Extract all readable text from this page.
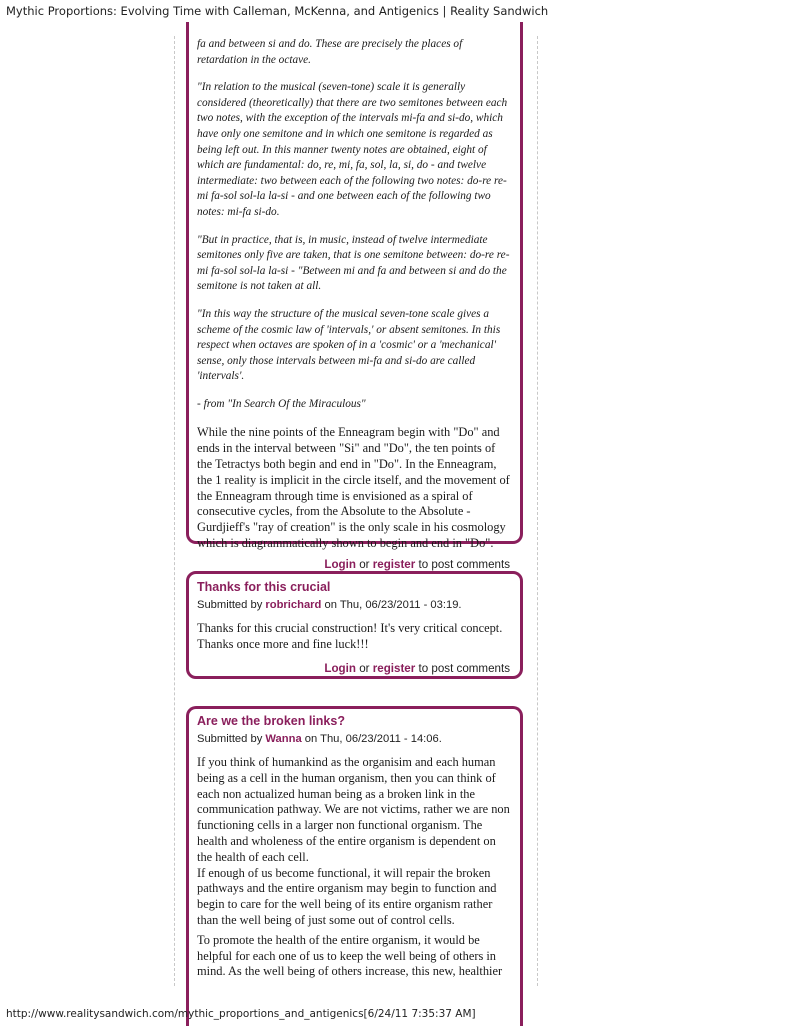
Mythic Proportions: Evolving Time with Calleman, McKenna, and Antigenics | Reality Sandwich

fa and between si and do. These are precisely the places of retardation in the octave.

"In relation to the musical (seven-tone) scale it is generally considered (theoretically) that there are two semitones between each two notes, with the exception of the intervals mi-fa and si-do, which have only one semitone and in which one semitone is regarded as being left out. In this manner twenty notes are obtained, eight of which are fundamental: do, re, mi, fa, sol, la, si, do - and twelve intermediate: two between each of the following two notes: do-re re-mi fa-sol sol-la la-si - and one between each of the following two notes: mi-fa si-do.

"But in practice, that is, in music, instead of twelve intermediate semitones only five are taken, that is one semitone between: do-re re-mi fa-sol sol-la la-si - "Between mi and fa and between si and do the semitone is not taken at all.

"In this way the structure of the musical seven-tone scale gives a scheme of the cosmic law of 'intervals,' or absent semitones. In this respect when octaves are spoken of in a 'cosmic' or a 'mechanical' sense, only those intervals between mi-fa and si-do are called 'intervals'.

- from "In Search Of the Miraculous"

While the nine points of the Enneagram begin with "Do" and ends in the interval between "Si" and "Do", the ten points of the Tetractys both begin and end in "Do". In the Enneagram, the 1 reality is implicit in the circle itself, and the movement of the Enneagram through time is envisioned as a spiral of consecutive cycles, from the Absolute to the Absolute - Gurdjieff's "ray of creation" is the only scale in his cosmology which is diagrammatically shown to begin and end in "Do".

Login or register to post comments
Thanks for this crucial
Submitted by robrichard on Thu, 06/23/2011 - 03:19.

Thanks for this crucial construction! It's very critical concept. Thanks once more and fine luck!!!

Login or register to post comments
Are we the broken links?
Submitted by Wanna on Thu, 06/23/2011 - 14:06.

If you think of humankind as the organisim and each human being as a cell in the human organism, then you can think of each non actualized human being as a broken link in the communication pathway. We are not victims, rather we are non functioning cells in a larger non functional organism. The health and wholeness of the entire organism is dependent on the health of each cell.

If enough of us become functional, it will repair the broken pathways and the entire organism may begin to function and begin to care for the well being of its entire organism rather than the well being of just some out of control cells.

To promote the health of the entire organism, it would be helpful for each one of us to keep the well being of others in mind. As the well being of others increase, this new, healthier

http://www.realitysandwich.com/mythic_proportions_and_antigenics[6/24/11 7:35:37 AM]
